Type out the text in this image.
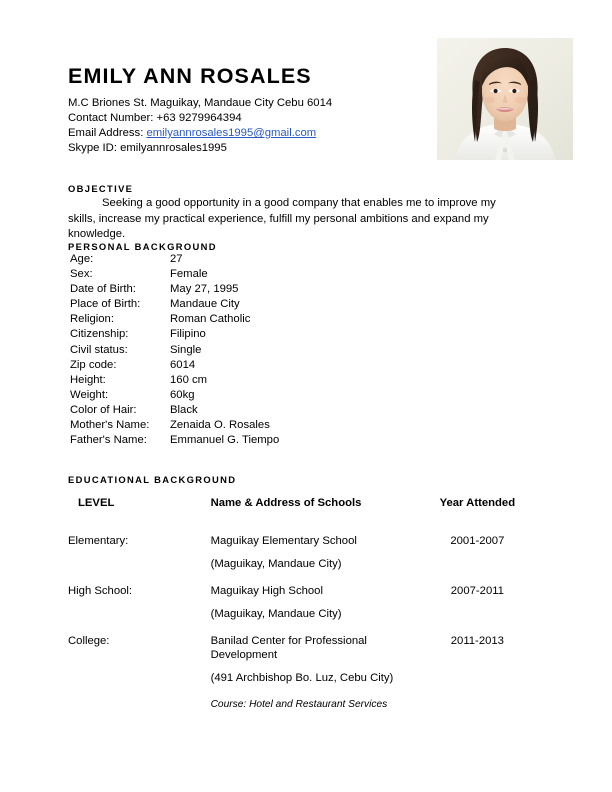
EMILY ANN ROSALES
M.C Briones St. Maguikay, Mandaue City Cebu 6014
Contact Number: +63 9279964394
Email Address: emilyannrosales1995@gmail.com
Skype ID: emilyannrosales1995
OBJECTIVE
Seeking a good opportunity in a good company that enables me to improve my skills, increase my practical experience, fulfill my personal ambitions and expand my knowledge.
PERSONAL BACKGROUND
Age:	27
Sex:	Female
Date of Birth:	May 27, 1995
Place of Birth:	Mandaue City
Religion:	Roman Catholic
Citizenship:	Filipino
Civil status:	Single
Zip code:	6014
Height:	160 cm
Weight:	60kg
Color of Hair:	Black
Mother's Name:	Zenaida O. Rosales
Father's Name:	Emmanuel G. Tiempo
EDUCATIONAL BACKGROUND
LEVEL	Name & Address of Schools	Year Attended
Elementary:	Maguikay Elementary School	2001-2007
	(Maguikay, Mandaue City)	
High School:	Maguikay High School	2007-2011
	(Maguikay, Mandaue City)	
College:	Banilad Center for Professional Development	2011-2013
	(491 Archbishop Bo. Luz, Cebu City)	
	Course: Hotel and Restaurant Services	
